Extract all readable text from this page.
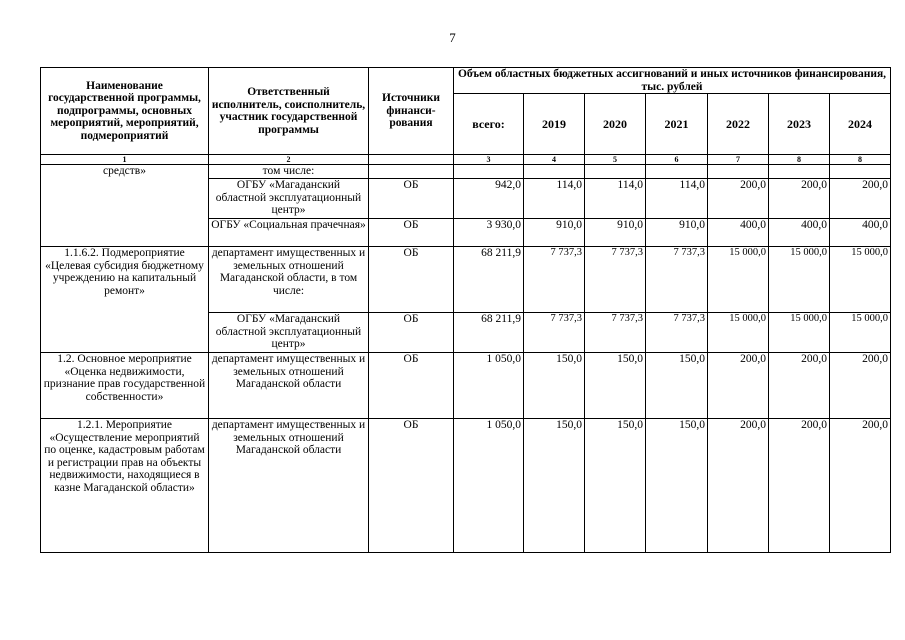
7
Наименование государственной программы, подпрограммы, основных мероприятий, мероприятий, подмероприятий	Ответственный исполнитель, соисполнитель, участник государственной программы	Источники финанси-рования	Объем областных бюджетных ассигнований и иных источников финансирования, тыс. рублей						
			всего:	2019	2020	2021	2022	2023	2024
1	2		3	4	5	6	7	8	8
средств»	том числе:								
	ОГБУ «Магаданский областной эксплуатационный центр»	ОБ	942,0	114,0	114,0	114,0	200,0	200,0	200,0
	ОГБУ «Социальная прачечная»	ОБ	3 930,0	910,0	910,0	910,0	400,0	400,0	400,0
1.1.6.2. Подмероприятие «Целевая субсидия бюджетному учреждению на капитальный ремонт»	департамент имущественных и земельных отношений Магаданской области, в том числе:	ОБ	68 211,9	7 737,3	7 737,3	7 737,3	15 000,0	15 000,0	15 000,0
	ОГБУ «Магаданский областной эксплуатационный центр»	ОБ	68 211,9	7 737,3	7 737,3	7 737,3	15 000,0	15 000,0	15 000,0
1.2. Основное мероприятие «Оценка недвижимости, признание прав государственной собственности»	департамент имущественных и земельных отношений Магаданской области	ОБ	1 050,0	150,0	150,0	150,0	200,0	200,0	200,0
1.2.1. Мероприятие «Осуществление мероприятий по оценке, кадастровым работам и регистрации прав на объекты недвижимости, находящиеся в казне Магаданской области»	департамент имущественных и земельных отношений Магаданской области	ОБ	1 050,0	150,0	150,0	150,0	200,0	200,0	200,0
